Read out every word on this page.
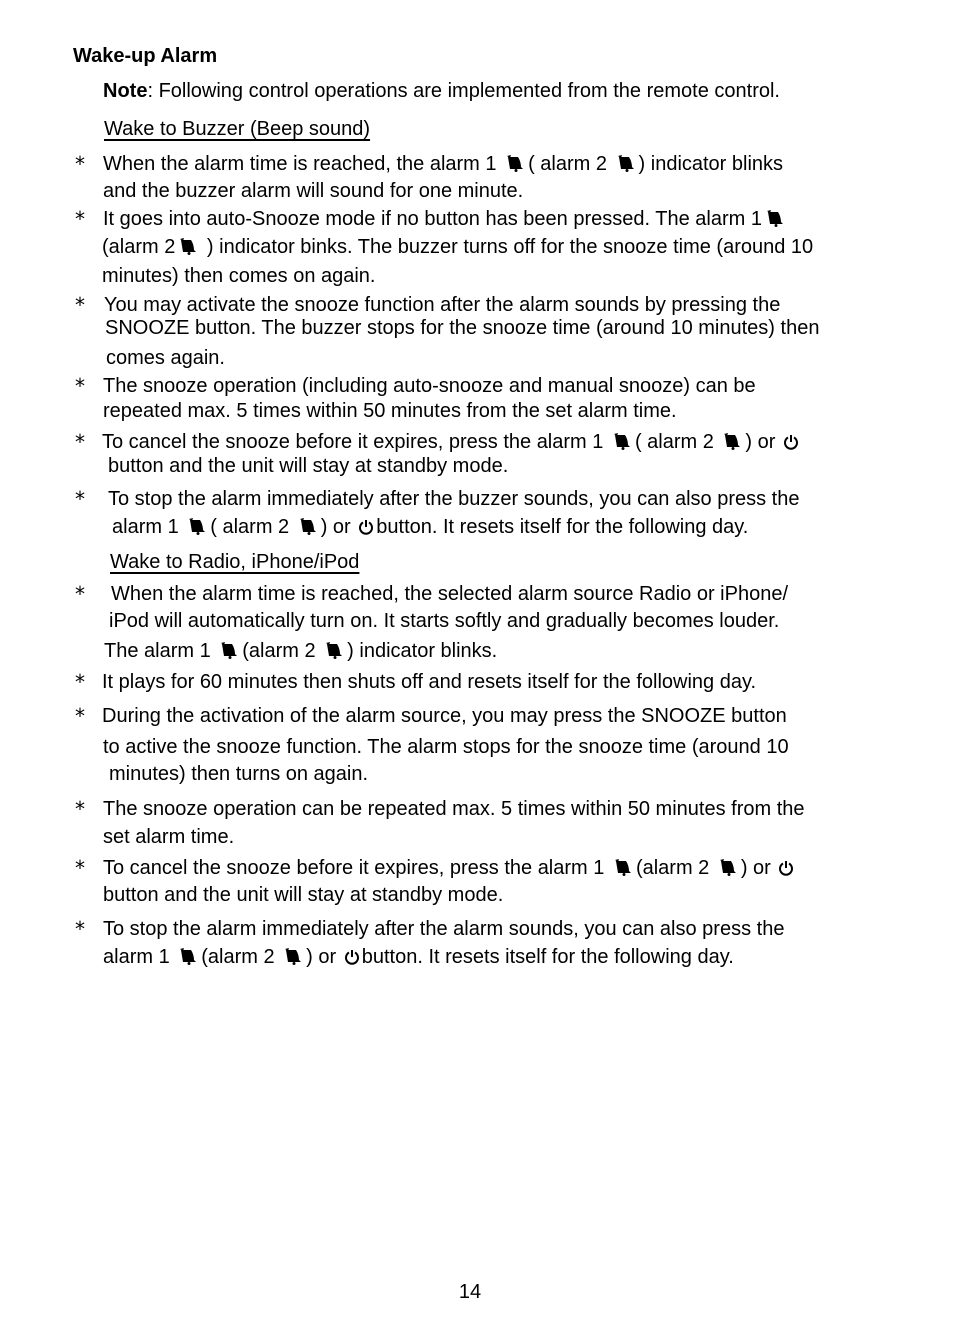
Wake-up Alarm
Note: Following control operations are implemented from the remote control.
Wake to Buzzer (Beep sound)
* When the alarm time is reached, the alarm 1 ( alarm 2 ) indicator blinks
and the buzzer alarm will sound for one minute.
* It goes into auto-Snooze mode if no button has been pressed. The alarm 1
(alarm 2 ) indicator binks. The buzzer turns off for the snooze time (around 10
minutes) then comes on again.
* You may activate the snooze function after the alarm sounds by pressing the
SNOOZE button. The buzzer stops for the snooze time (around 10 minutes) then
comes again.
* The snooze operation (including auto-snooze and manual snooze) can be
repeated max. 5 times within 50 minutes from the set alarm time.
* To cancel the snooze before it expires, press the alarm 1 ( alarm 2 ) or
button and the unit will stay at standby mode.
* To stop the alarm immediately after the buzzer sounds, you can also press the
alarm 1 ( alarm 2 ) or button. It resets itself for the following day.
Wake to Radio, iPhone/iPod
* When the alarm time is reached, the selected alarm source Radio or iPhone/
iPod will automatically turn on. It starts softly and gradually becomes louder.
The alarm 1 (alarm 2 ) indicator blinks.
* It plays for 60 minutes then shuts off and resets itself for the following day.
* During the activation of the alarm source, you may press the SNOOZE button
to active the snooze function. The alarm stops for the snooze time (around 10
minutes) then turns on again.
* The snooze operation can be repeated max. 5 times within 50 minutes from the
set alarm time.
* To cancel the snooze before it expires, press the alarm 1 (alarm 2 ) or
button and the unit will stay at standby mode.
* To stop the alarm immediately after the alarm sounds, you can also press the
alarm 1 (alarm 2 ) or button. It resets itself for the following day.
14
